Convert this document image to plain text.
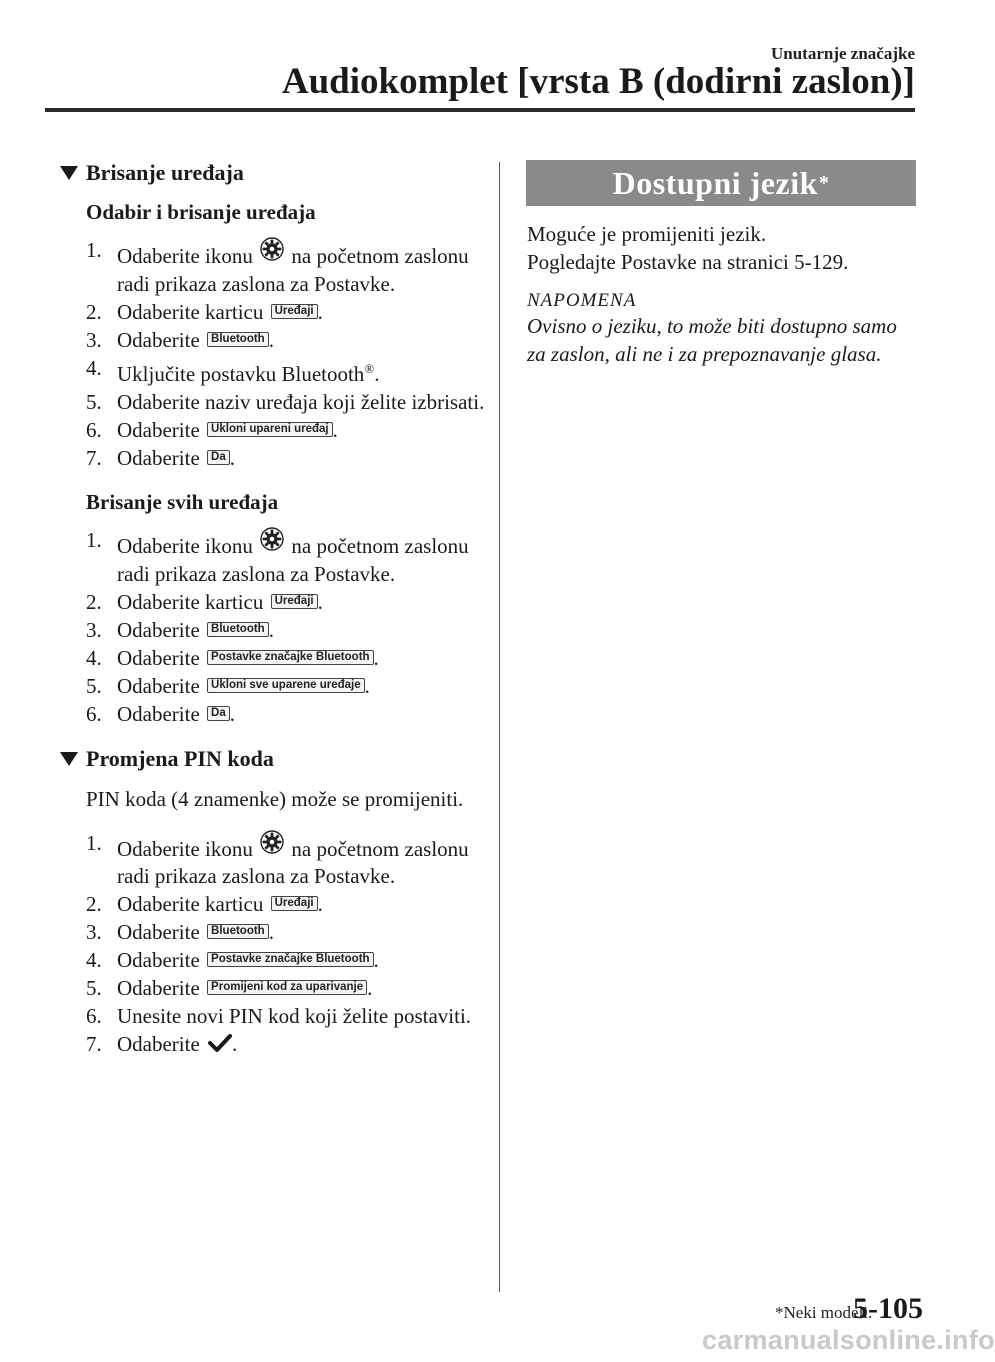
Unutarnje značajke
Audiokomplet [vrsta B (dodirni zaslon)]
Brisanje uređaja
Odabir i brisanje uređaja
1. Odaberite ikonu na početnom zaslonu radi prikaza zaslona za Postavke.
2. Odaberite karticu Uređaji .
3. Odaberite Bluetooth .
4. Uključite postavku Bluetooth®.
5. Odaberite naziv uređaja koji želite izbrisati.
6. Odaberite Ukloni upareni uređaj .
7. Odaberite Da .
Brisanje svih uređaja
1. Odaberite ikonu na početnom zaslonu radi prikaza zaslona za Postavke.
2. Odaberite karticu Uređaji .
3. Odaberite Bluetooth .
4. Odaberite Postavke značajke Bluetooth .
5. Odaberite Ukloni sve uparene uređaje .
6. Odaberite Da .
Promjena PIN koda

PIN koda (4 znamenke) može se promijeniti.

1. Odaberite ikonu na početnom zaslonu radi prikaza zaslona za Postavke.
2. Odaberite karticu Uređaji .
3. Odaberite Bluetooth .
4. Odaberite Postavke značajke Bluetooth .
5. Odaberite Promijeni kod za uparivanje .
6. Unesite novi PIN kod koji želite postaviti.
7. Odaberite .
Dostupni jezik *

Moguće je promijeniti jezik.
Pogledajte Postavke na stranici 5-129.

NAPOMENA

Ovisno o jeziku, to može biti dostupno samo za zaslon, ali ne i za prepoznavanje glasa.

*Neki modeli.
5-105
carmanualsonline.info
